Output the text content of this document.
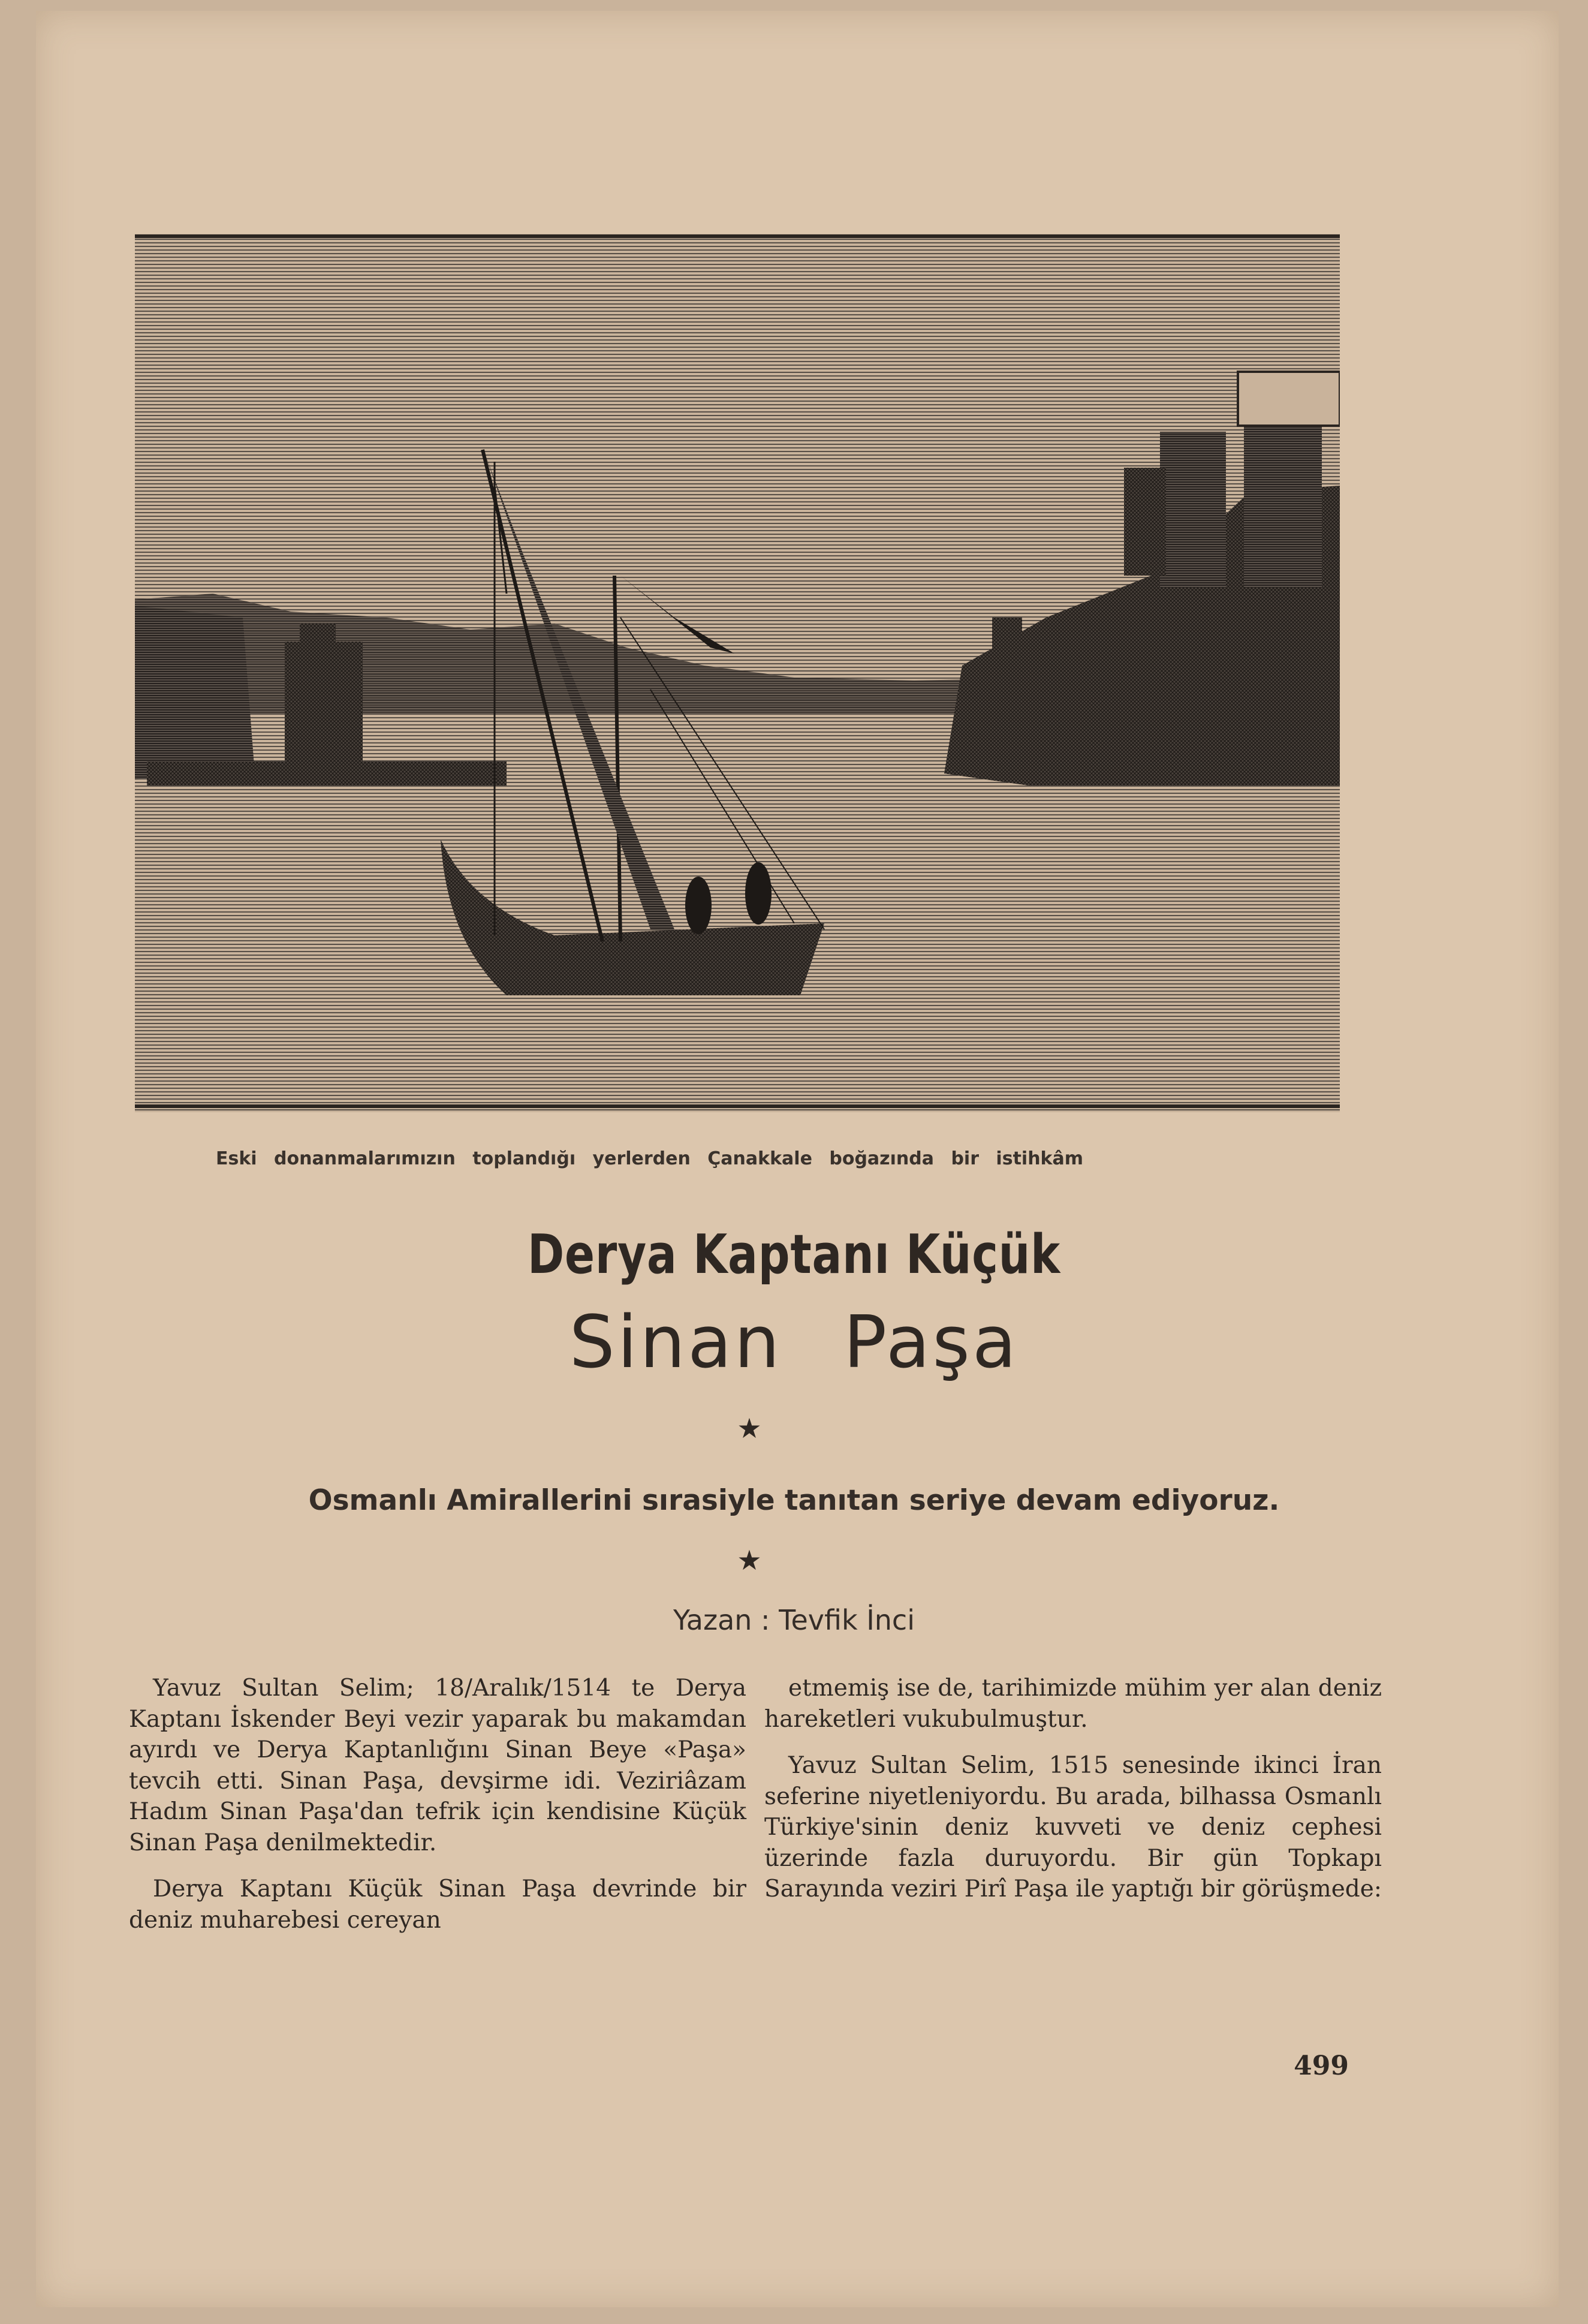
Eski donanmalarımızın toplandığı yerlerden Çanakkale boğazında bir istihkâm
Derya Kaptanı Küçük
Sinan Paşa
★
Osmanlı Amirallerini sırasiyle tanıtan seriye devam ediyoruz.
★
Yazan : Tevfik İnci

Yavuz Sultan Selim; 18/Aralık/1514 te Derya Kaptanı İskender Beyi vezir yaparak bu makamdan ayırdı ve Derya Kaptanlığını Sinan Beye «Paşa» tevcih etti. Sinan Paşa, devşirme idi. Veziriâzam Hadım Sinan Paşa'dan tefrik için kendisine Küçük Sinan Paşa denilmektedir.

Derya Kaptanı Küçük Sinan Paşa devrinde bir deniz muharebesi cereyan

etmemiş ise de, tarihimizde mühim yer alan deniz hareketleri vukubulmuştur.

Yavuz Sultan Selim, 1515 senesinde ikinci İran seferine niyetleniyordu. Bu arada, bilhassa Osmanlı Türkiye'sinin deniz kuvveti ve deniz cephesi üzerinde fazla duruyordu. Bir gün Topkapı Sarayında veziri Pirî Paşa ile yaptığı bir görüşmede:

499
